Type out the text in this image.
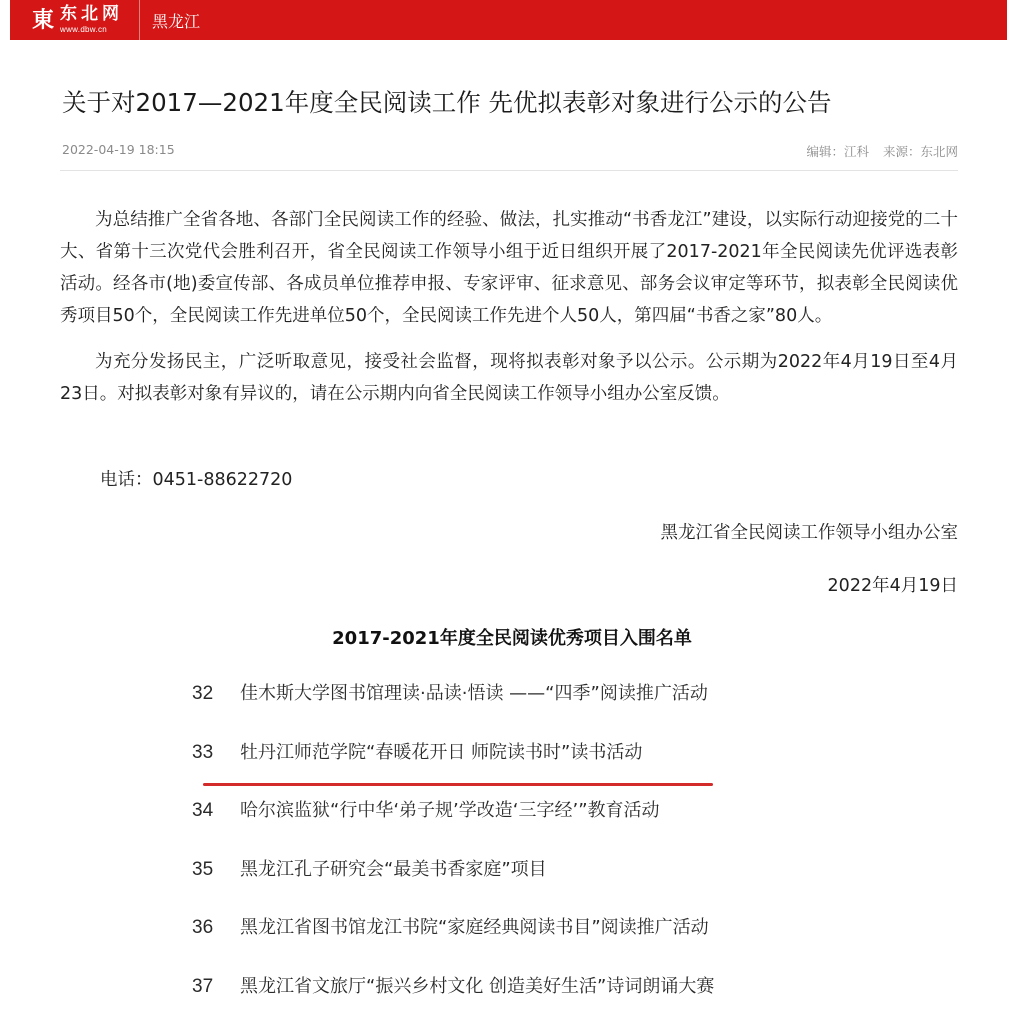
東 东北网
www.dbw.cn	黑龙江
关于对2017—2021年度全民阅读工作 先优拟表彰对象进行公示的公告
2022-04-19 18:15	编辑：江科 来源：东北网

为总结推广全省各地、各部门全民阅读工作的经验、做法，扎实推动“书香龙江”建设，以实际行动迎接党的二十大、省第十三次党代会胜利召开，省全民阅读工作领导小组于近日组织开展了2017-2021年全民阅读先优评选表彰活动。经各市(地)委宣传部、各成员单位推荐申报、专家评审、征求意见、部务会议审定等环节，拟表彰全民阅读优秀项目50个，全民阅读工作先进单位50个，全民阅读工作先进个人50人，第四届“书香之家”80人。

为充分发扬民主，广泛听取意见，接受社会监督，现将拟表彰对象予以公示。公示期为2022年4月19日至4月23日。对拟表彰对象有异议的，请在公示期内向省全民阅读工作领导小组办公室反馈。

电话：0451-88622720
黑龙江省全民阅读工作领导小组办公室
2022年4月19日
2017-2021年度全民阅读优秀项目入围名单
32	佳木斯大学图书馆理读·品读·悟读 ——“四季”阅读推广活动
33	牡丹江师范学院“春暖花开日 师院读书时”读书活动
34	哈尔滨监狱“行中华‘弟子规’学改造‘三字经’”教育活动
35	黑龙江孔子研究会“最美书香家庭”项目
36	黑龙江省图书馆龙江书院“家庭经典阅读书目”阅读推广活动
37	黑龙江省文旅厅“振兴乡村文化 创造美好生活”诗词朗诵大赛
